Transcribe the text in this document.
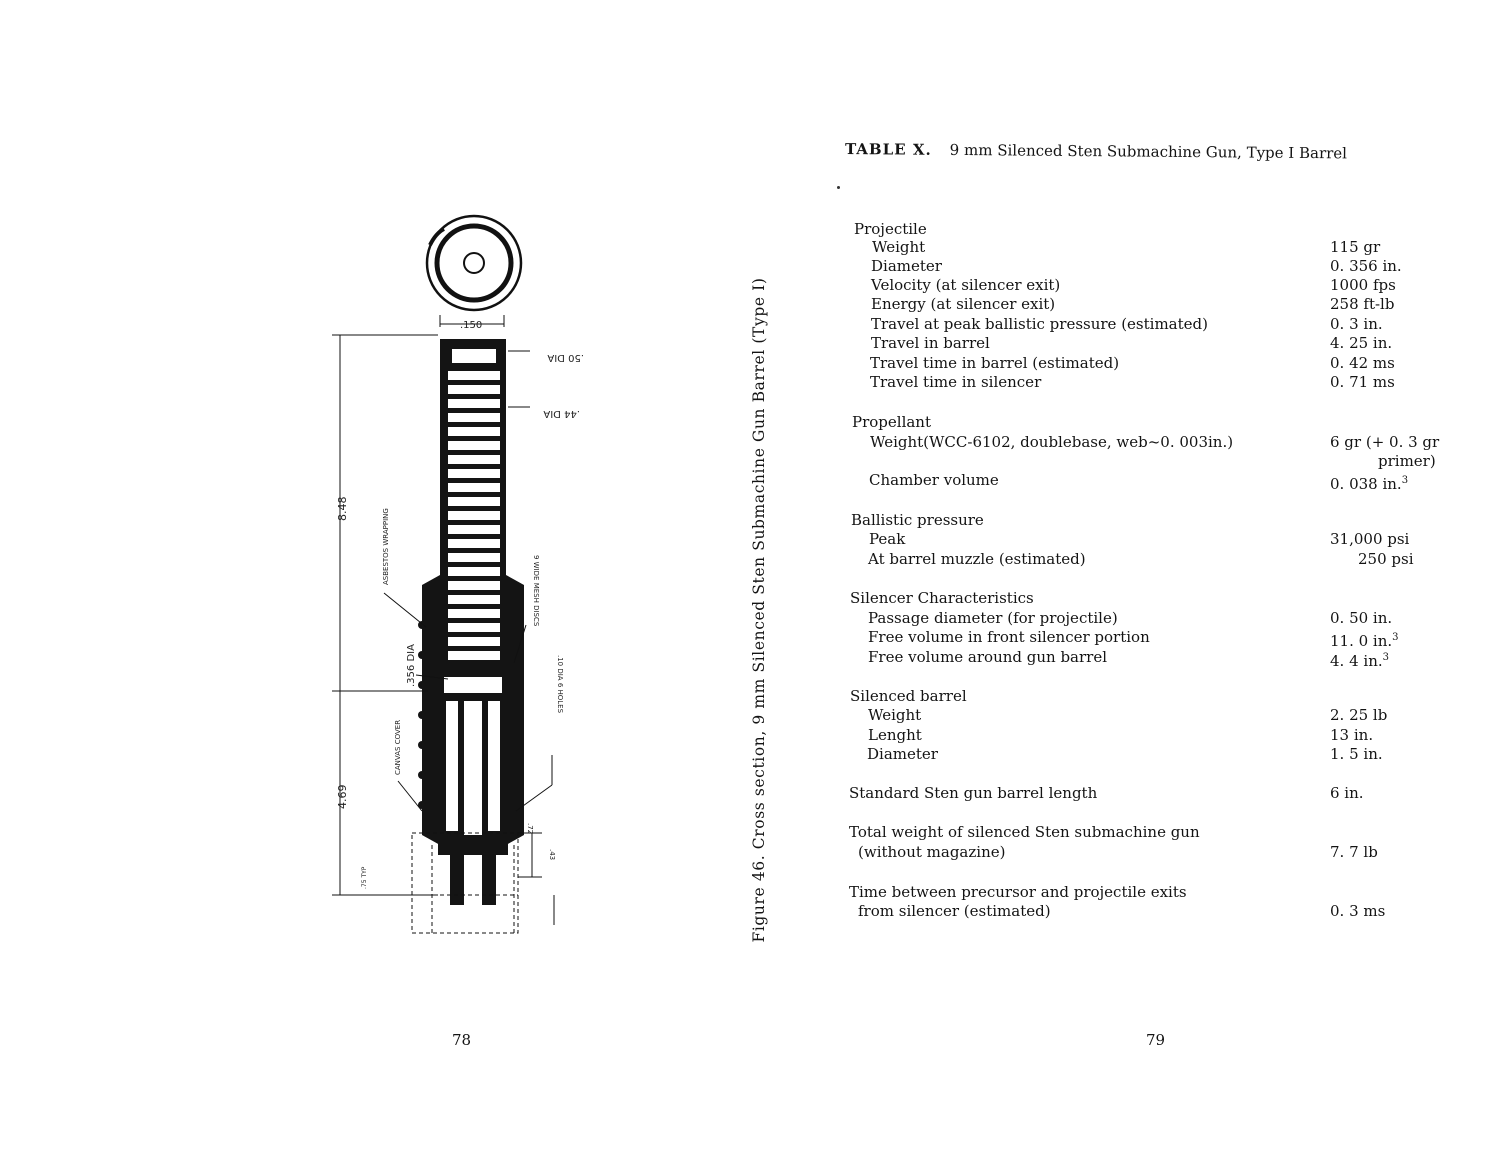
.150
8.48
4.69
.50 DIA
.44 DIA
9 WIDE MESH DISCS
.10 DIA 6 HOLES
.72
.43
ASBESTOS WRAPPING
.356 DIA
CANVAS COVER
.75 TYP	Figure 46. Cross section, 9 mm Silenced Sten Submachine Gun Barrel (Type I)
78
TABLE X. 9 mm Silenced Sten Submachine Gun, Type I Barrel
Projectile
Weight	115 gr
Diameter	0. 356 in.
Velocity (at silencer exit)	1000 fps
Energy (at silencer exit)	258 ft-lb
Travel at peak ballistic pressure (estimated)	0. 3 in.
Travel in barrel	4. 25 in.
Travel time in barrel (estimated)	0. 42 ms
Travel time in silencer	0. 71 ms
Propellant
Weight(WCC-6102, doublebase, web~0. 003in.)	6 gr (+ 0. 3 gr
primer)
Chamber volume	0. 038 in.$^3$
Ballistic pressure
Peak	31,000 psi
At barrel muzzle (estimated)	250 psi
Silencer Characteristics
Passage diameter (for projectile)	0. 50 in.
Free volume in front silencer portion	11. 0 in.$^3$
Free volume around gun barrel	4. 4 in.$^3$
Silenced barrel
Weight	2. 25 lb
Lenght	13 in.
Diameter	1. 5 in.
Standard Sten gun barrel length	6 in.
Total weight of silenced Sten submachine gun
(without magazine)	7. 7 lb
Time between precursor and projectile exits
from silencer (estimated)	0. 3 ms
79
